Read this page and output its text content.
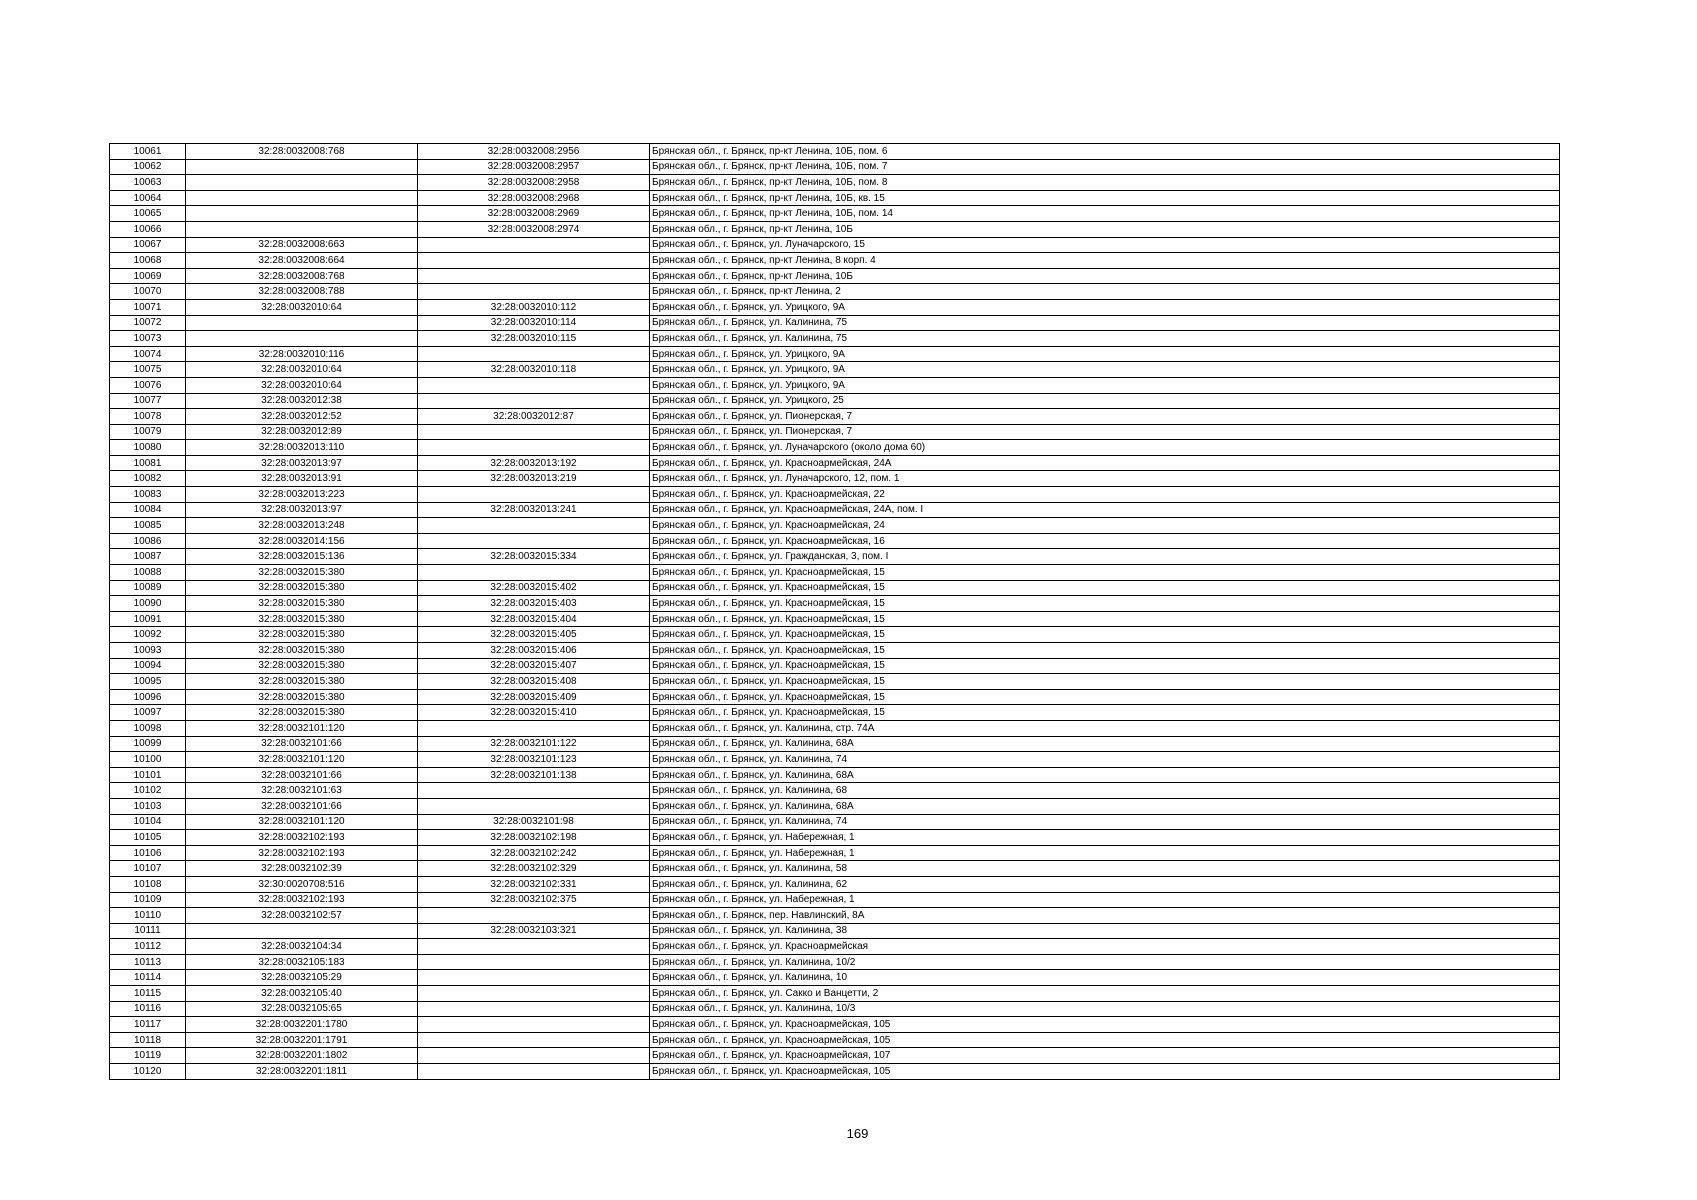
10061	32:28:0032008:768	32:28:0032008:2956	Брянская обл., г. Брянск, пр-кт Ленина, 10Б, пом. 6
10062		32:28:0032008:2957	Брянская обл., г. Брянск, пр-кт Ленина, 10Б, пом. 7
10063		32:28:0032008:2958	Брянская обл., г. Брянск, пр-кт Ленина, 10Б, пом. 8
10064		32:28:0032008:2968	Брянская обл., г. Брянск, пр-кт Ленина, 10Б, кв. 15
10065		32:28:0032008:2969	Брянская обл., г. Брянск, пр-кт Ленина, 10Б, пом. 14
10066		32:28:0032008:2974	Брянская обл., г. Брянск, пр-кт Ленина, 10Б
10067	32:28:0032008:663		Брянская обл., г. Брянск, ул. Луначарского, 15
10068	32:28:0032008:664		Брянская обл., г. Брянск, пр-кт Ленина, 8 корп. 4
10069	32:28:0032008:768		Брянская обл., г. Брянск, пр-кт Ленина, 10Б
10070	32:28:0032008:788		Брянская обл., г. Брянск, пр-кт Ленина, 2
10071	32:28:0032010:64	32:28:0032010:112	Брянская обл., г. Брянск, ул. Урицкого, 9А
10072		32:28:0032010:114	Брянская обл., г. Брянск, ул. Калинина, 75
10073		32:28:0032010:115	Брянская обл., г. Брянск, ул. Калинина, 75
10074	32:28:0032010:116		Брянская обл., г. Брянск, ул. Урицкого, 9А
10075	32:28:0032010:64	32:28:0032010:118	Брянская обл., г. Брянск, ул. Урицкого, 9А
10076	32:28:0032010:64		Брянская обл., г. Брянск, ул. Урицкого, 9А
10077	32:28:0032012:38		Брянская обл., г. Брянск, ул. Урицкого, 25
10078	32:28:0032012:52	32:28:0032012:87	Брянская обл., г. Брянск, ул. Пионерская, 7
10079	32:28:0032012:89		Брянская обл., г. Брянск, ул. Пионерская, 7
10080	32:28:0032013:110		Брянская обл., г. Брянск, ул. Луначарского (около дома 60)
10081	32:28:0032013:97	32:28:0032013:192	Брянская обл., г. Брянск, ул. Красноармейская, 24А
10082	32:28:0032013:91	32:28:0032013:219	Брянская обл., г. Брянск, ул. Луначарского, 12, пом. 1
10083	32:28:0032013:223		Брянская обл., г. Брянск, ул. Красноармейская, 22
10084	32:28:0032013:97	32:28:0032013:241	Брянская обл., г. Брянск, ул. Красноармейская, 24А, пом. I
10085	32:28:0032013:248		Брянская обл., г. Брянск, ул. Красноармейская, 24
10086	32:28:0032014:156		Брянская обл., г. Брянск, ул. Красноармейская, 16
10087	32:28:0032015:136	32:28:0032015:334	Брянская обл., г. Брянск, ул. Гражданская, 3, пом. I
10088	32:28:0032015:380		Брянская обл., г. Брянск, ул. Красноармейская, 15
10089	32:28:0032015:380	32:28:0032015:402	Брянская обл., г. Брянск, ул. Красноармейская, 15
10090	32:28:0032015:380	32:28:0032015:403	Брянская обл., г. Брянск, ул. Красноармейская, 15
10091	32:28:0032015:380	32:28:0032015:404	Брянская обл., г. Брянск, ул. Красноармейская, 15
10092	32:28:0032015:380	32:28:0032015:405	Брянская обл., г. Брянск, ул. Красноармейская, 15
10093	32:28:0032015:380	32:28:0032015:406	Брянская обл., г. Брянск, ул. Красноармейская, 15
10094	32:28:0032015:380	32:28:0032015:407	Брянская обл., г. Брянск, ул. Красноармейская, 15
10095	32:28:0032015:380	32:28:0032015:408	Брянская обл., г. Брянск, ул. Красноармейская, 15
10096	32:28:0032015:380	32:28:0032015:409	Брянская обл., г. Брянск, ул. Красноармейская, 15
10097	32:28:0032015:380	32:28:0032015:410	Брянская обл., г. Брянск, ул. Красноармейская, 15
10098	32:28:0032101:120		Брянская обл., г. Брянск, ул. Калинина, стр. 74А
10099	32:28:0032101:66	32:28:0032101:122	Брянская обл., г. Брянск, ул. Калинина, 68А
10100	32:28:0032101:120	32:28:0032101:123	Брянская обл., г. Брянск, ул. Калинина, 74
10101	32:28:0032101:66	32:28:0032101:138	Брянская обл., г. Брянск, ул. Калинина, 68А
10102	32:28:0032101:63		Брянская обл., г. Брянск, ул. Калинина, 68
10103	32:28:0032101:66		Брянская обл., г. Брянск, ул. Калинина, 68А
10104	32:28:0032101:120	32:28:0032101:98	Брянская обл., г. Брянск, ул. Калинина, 74
10105	32:28:0032102:193	32:28:0032102:198	Брянская обл., г. Брянск, ул. Набережная, 1
10106	32:28:0032102:193	32:28:0032102:242	Брянская обл., г. Брянск, ул. Набережная, 1
10107	32:28:0032102:39	32:28:0032102:329	Брянская обл., г. Брянск, ул. Калинина, 58
10108	32:30:0020708:516	32:28:0032102:331	Брянская обл., г. Брянск, ул. Калинина, 62
10109	32:28:0032102:193	32:28:0032102:375	Брянская обл., г. Брянск, ул. Набережная, 1
10110	32:28:0032102:57		Брянская обл., г. Брянск, пер. Навлинский, 8А
10111		32:28:0032103:321	Брянская обл., г. Брянск, ул. Калинина, 38
10112	32:28:0032104:34		Брянская обл., г. Брянск, ул. Красноармейская
10113	32:28:0032105:183		Брянская обл., г. Брянск, ул. Калинина, 10/2
10114	32:28:0032105:29		Брянская обл., г. Брянск, ул. Калинина, 10
10115	32:28:0032105:40		Брянская обл., г. Брянск, ул. Сакко и Ванцетти, 2
10116	32:28:0032105:65		Брянская обл., г. Брянск, ул. Калинина, 10/3
10117	32:28:0032201:1780		Брянская обл., г. Брянск, ул. Красноармейская, 105
10118	32:28:0032201:1791		Брянская обл., г. Брянск, ул. Красноармейская, 105
10119	32:28:0032201:1802		Брянская обл., г. Брянск, ул. Красноармейская, 107
10120	32:28:0032201:1811		Брянская обл., г. Брянск, ул. Красноармейская, 105
169
